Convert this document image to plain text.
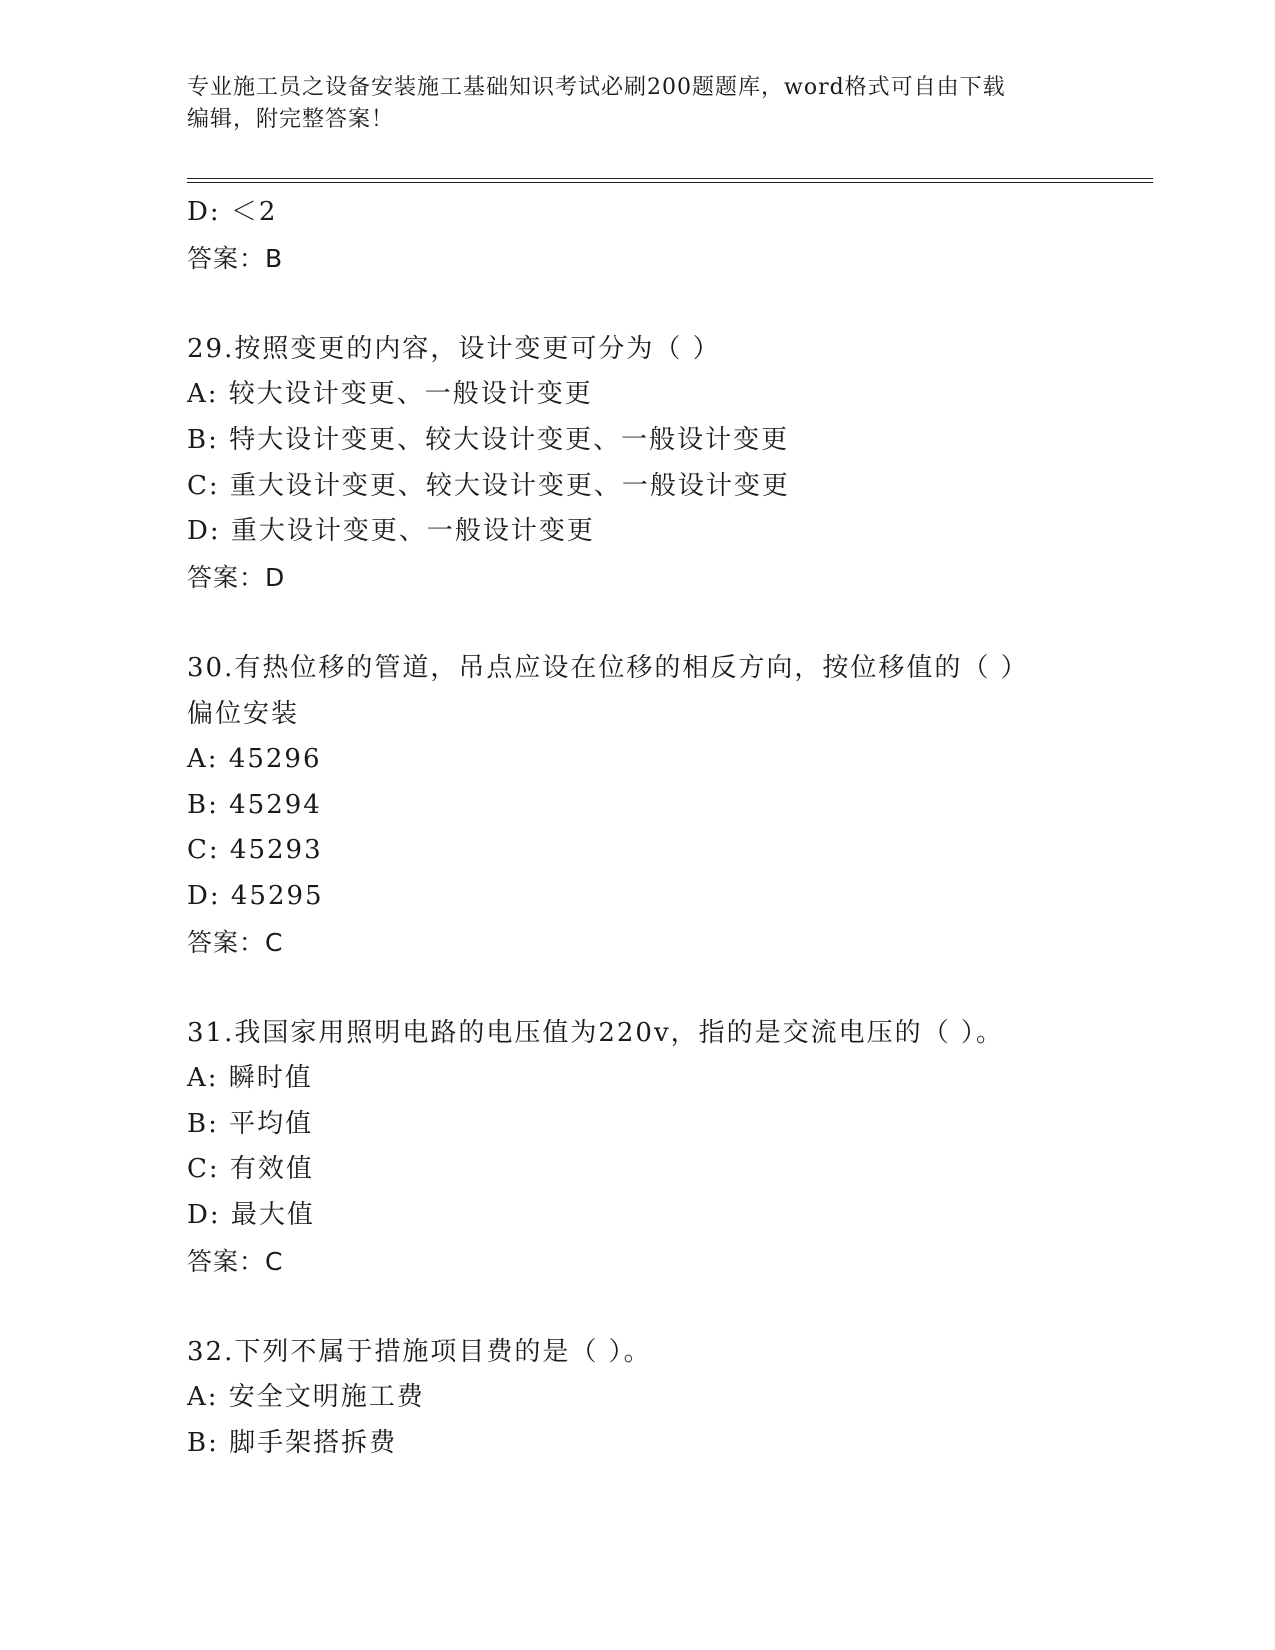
专业施工员之设备安装施工基础知识考试必刷200题题库，word格式可自由下载
编辑，附完整答案！
D: ＜2
答案：B
29.按照变更的内容，设计变更可分为（ ）
A: 较大设计变更、一般设计变更
B: 特大设计变更、较大设计变更、一般设计变更
C: 重大设计变更、较大设计变更、一般设计变更
D: 重大设计变更、一般设计变更
答案：D
30.有热位移的管道，吊点应设在位移的相反方向，按位移值的（ ）
偏位安装
A: 45296
B: 45294
C: 45293
D: 45295
答案：C
31.我国家用照明电路的电压值为220v，指的是交流电压的（ ）。
A: 瞬时值
B: 平均值
C: 有效值
D: 最大值
答案：C
32.下列不属于措施项目费的是（ ）。
A: 安全文明施工费
B: 脚手架搭拆费
